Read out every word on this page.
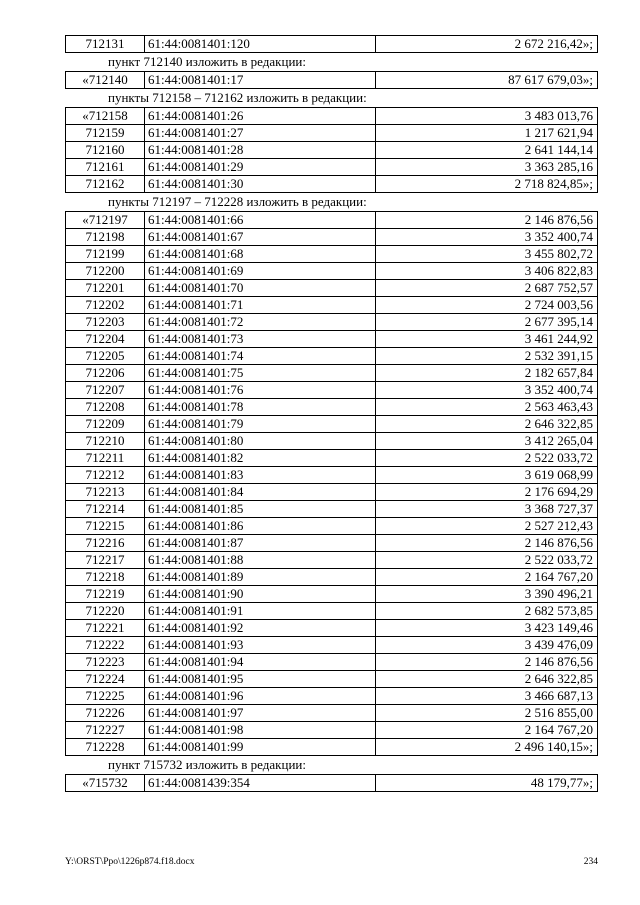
712131	61:44:0081401:120	2 672 216,42»;
пункт 712140 изложить в редакции:
«712140	61:44:0081401:17	87 617 679,03»;
пункты 712158 – 712162 изложить в редакции:
«712158	61:44:0081401:26	3 483 013,76
712159	61:44:0081401:27	1 217 621,94
712160	61:44:0081401:28	2 641 144,14
712161	61:44:0081401:29	3 363 285,16
712162	61:44:0081401:30	2 718 824,85»;
пункты 712197 – 712228 изложить в редакции:
«712197	61:44:0081401:66	2 146 876,56
712198	61:44:0081401:67	3 352 400,74
712199	61:44:0081401:68	3 455 802,72
712200	61:44:0081401:69	3 406 822,83
712201	61:44:0081401:70	2 687 752,57
712202	61:44:0081401:71	2 724 003,56
712203	61:44:0081401:72	2 677 395,14
712204	61:44:0081401:73	3 461 244,92
712205	61:44:0081401:74	2 532 391,15
712206	61:44:0081401:75	2 182 657,84
712207	61:44:0081401:76	3 352 400,74
712208	61:44:0081401:78	2 563 463,43
712209	61:44:0081401:79	2 646 322,85
712210	61:44:0081401:80	3 412 265,04
712211	61:44:0081401:82	2 522 033,72
712212	61:44:0081401:83	3 619 068,99
712213	61:44:0081401:84	2 176 694,29
712214	61:44:0081401:85	3 368 727,37
712215	61:44:0081401:86	2 527 212,43
712216	61:44:0081401:87	2 146 876,56
712217	61:44:0081401:88	2 522 033,72
712218	61:44:0081401:89	2 164 767,20
712219	61:44:0081401:90	3 390 496,21
712220	61:44:0081401:91	2 682 573,85
712221	61:44:0081401:92	3 423 149,46
712222	61:44:0081401:93	3 439 476,09
712223	61:44:0081401:94	2 146 876,56
712224	61:44:0081401:95	2 646 322,85
712225	61:44:0081401:96	3 466 687,13
712226	61:44:0081401:97	2 516 855,00
712227	61:44:0081401:98	2 164 767,20
712228	61:44:0081401:99	2 496 140,15»;
пункт 715732 изложить в редакции:
«715732	61:44:0081439:354	48 179,77»;
Y:\ORST\Ppo\1226p874.f18.docx	234
